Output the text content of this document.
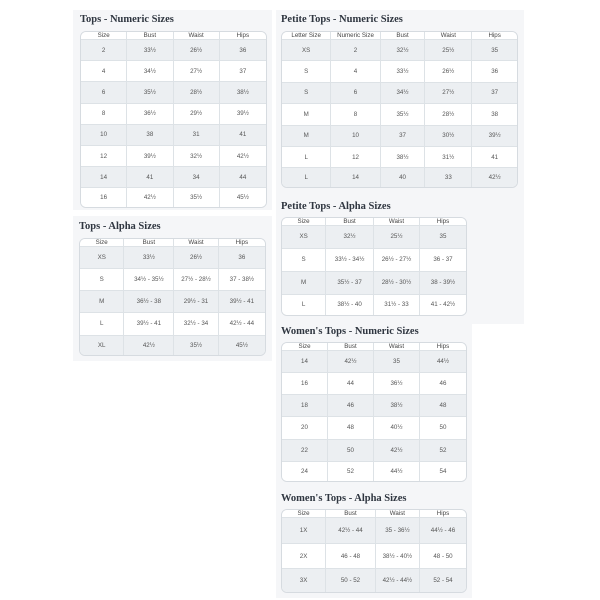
Tops - Numeric Sizes
Size	Bust	Waist	Hips
2	33½	26½	36
4	34½	27½	37
6	35½	28½	38½
8	36½	29½	39½
10	38	31	41
12	39½	32½	42½
14	41	34	44
16	42½	35½	45½
Tops - Alpha Sizes
Size	Bust	Waist	Hips
XS	33½	26½	36
S	34½ - 35½	27½ - 28½	37 - 38½
M	36½ - 38	29½ - 31	39½ - 41
L	39½ - 41	32½ - 34	42½ - 44
XL	42½	35½	45½
Petite Tops - Numeric Sizes
Letter Size	Numeric Size	Bust	Waist	Hips
XS	2	32½	25½	35
S	4	33½	26½	36
S	6	34½	27½	37
M	8	35½	28½	38
M	10	37	30½	39½
L	12	38½	31½	41
L	14	40	33	42½
Petite Tops - Alpha Sizes
Size	Bust	Waist	Hips
XS	32½	25½	35
S	33½ - 34½	26½ - 27½	36 - 37
M	35½ - 37	28½ - 30½	38 - 39½
L	38½ - 40	31½ - 33	41 - 42½
Women's Tops - Numeric Sizes
Size	Bust	Waist	Hips
14	42½	35	44½
16	44	36½	46
18	46	38½	48
20	48	40½	50
22	50	42½	52
24	52	44½	54
Women's Tops - Alpha Sizes
Size	Bust	Waist	Hips
1X	42½ - 44	35 - 36½	44½ - 46
2X	46 - 48	38½ - 40½	48 - 50
3X	50 - 52	42½ - 44½	52 - 54
